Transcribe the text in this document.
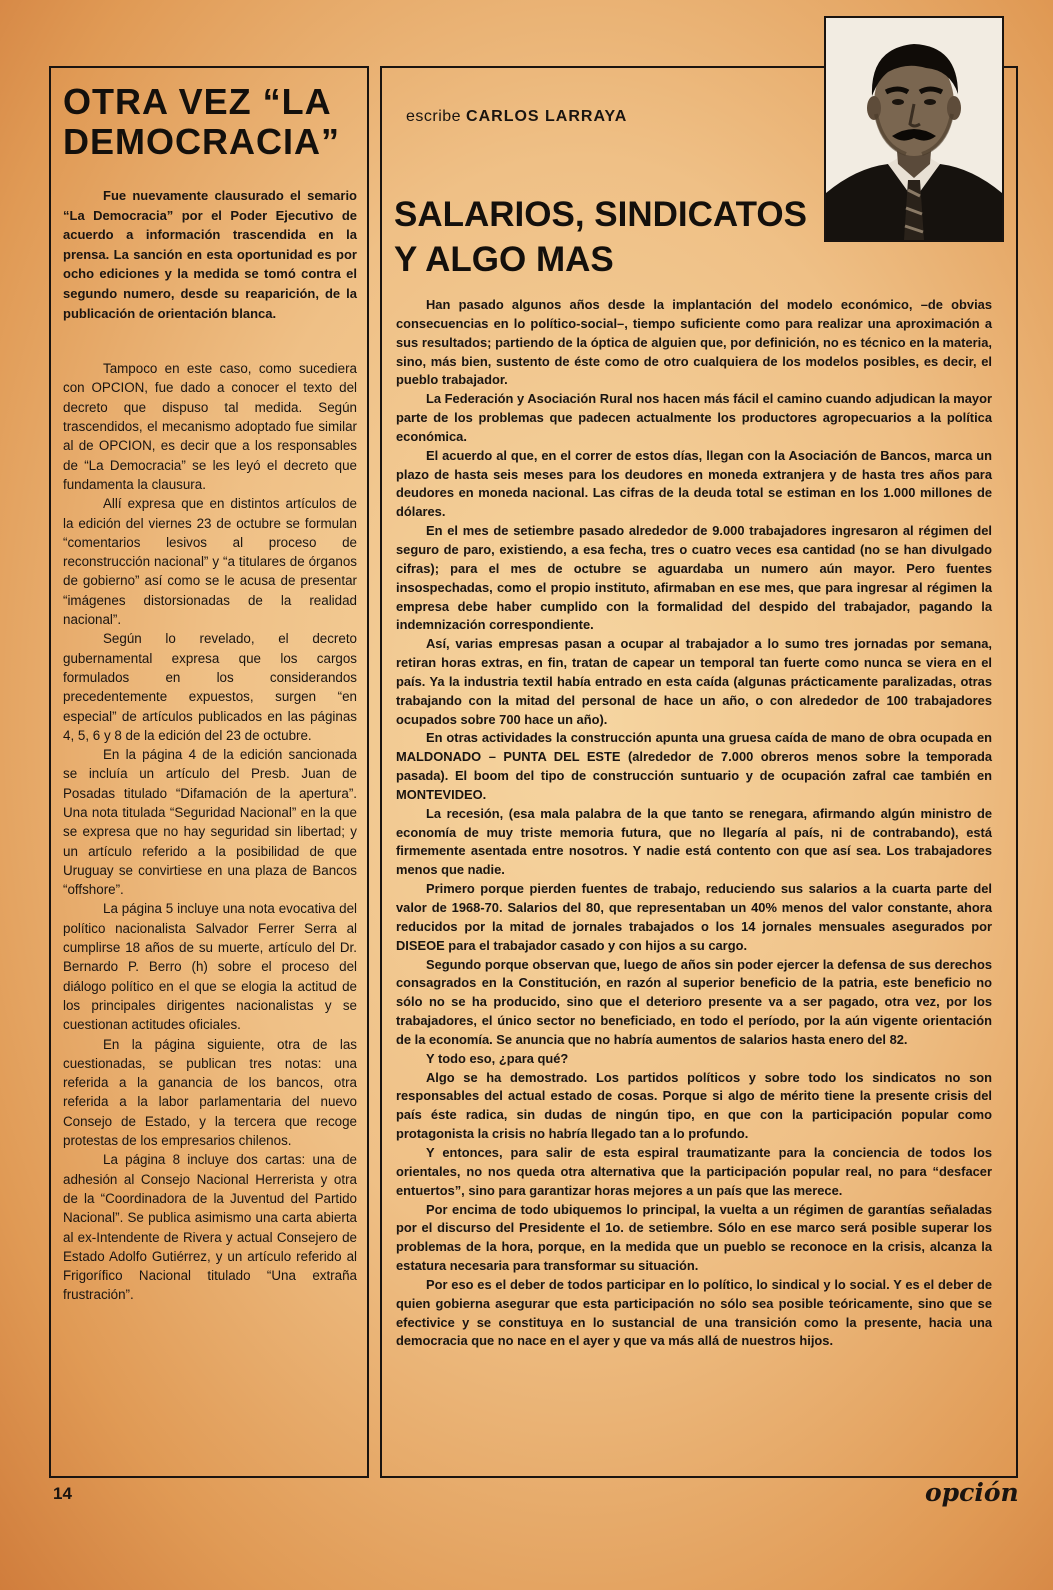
OTRA VEZ “LA
DEMOCRACIA”

Fue nuevamente clausurado el semario “La Democracia” por el Poder Ejecutivo de acuerdo a información trascendida en la prensa. La sanción en esta oportunidad es por ocho ediciones y la medida se tomó contra el segundo numero, desde su reaparición, de la publicación de orientación blanca.

Tampoco en este caso, como sucediera con OPCION, fue dado a conocer el texto del decreto que dispuso tal medida. Según trascendidos, el mecanismo adoptado fue similar al de OPCION, es decir que a los responsables de “La Democracia” se les leyó el decreto que fundamenta la clausura.

Allí expresa que en distintos artículos de la edición del viernes 23 de octubre se formulan “comentarios lesivos al proceso de reconstrucción nacional” y “a titulares de órganos de gobierno” así como se le acusa de presentar “imágenes distorsionadas de la realidad nacional”.

Según lo revelado, el decreto gubernamental expresa que los cargos formulados en los considerandos precedentemente expuestos, surgen “en especial” de artículos publicados en las páginas 4, 5, 6 y 8 de la edición del 23 de octubre.

En la página 4 de la edición sancionada se incluía un artículo del Presb. Juan de Posadas titulado “Difamación de la apertura”. Una nota titulada “Seguridad Nacional” en la que se expresa que no hay seguridad sin libertad; y un artículo referido a la posibilidad de que Uruguay se convirtiese en una plaza de Bancos “offshore”.

La página 5 incluye una nota evocativa del político nacionalista Salvador Ferrer Serra al cumplirse 18 años de su muerte, artículo del Dr. Bernardo P. Berro (h) sobre el proceso del diálogo político en el que se elogia la actitud de los principales dirigentes nacionalistas y se cuestionan actitudes oficiales.

En la página siguiente, otra de las cuestionadas, se publican tres notas: una referida a la ganancia de los bancos, otra referida a la labor parlamentaria del nuevo Consejo de Estado, y la tercera que recoge protestas de los empresarios chilenos.

La página 8 incluye dos cartas: una de adhesión al Consejo Nacional Herrerista y otra de la “Coordinadora de la Juventud del Partido Nacional”. Se publica asimismo una carta abierta al ex-Intendente de Rivera y actual Consejero de Estado Adolfo Gutiérrez, y un artículo referido al Frigorífico Nacional titulado “Una extraña frustración”.

escribe CARLOS LARRAYA
SALARIOS, SINDICATOS
Y ALGO MAS

Han pasado algunos años desde la implantación del modelo económico, –de obvias consecuencias en lo político-social–, tiempo suficiente como para realizar una aproximación a sus resultados; partiendo de la óptica de alguien que, por definición, no es técnico en la materia, sino, más bien, sustento de éste como de otro cualquiera de los modelos posibles, es decir, el pueblo trabajador.

La Federación y Asociación Rural nos hacen más fácil el camino cuando adjudican la mayor parte de los problemas que padecen actualmente los productores agropecuarios a la política económica.

El acuerdo al que, en el correr de estos días, llegan con la Asociación de Bancos, marca un plazo de hasta seis meses para los deudores en moneda extranjera y de hasta tres años para deudores en moneda nacional. Las cifras de la deuda total se estiman en los 1.000 millones de dólares.

En el mes de setiembre pasado alrededor de 9.000 trabajadores ingresaron al régimen del seguro de paro, existiendo, a esa fecha, tres o cuatro veces esa cantidad (no se han divulgado cifras); para el mes de octubre se aguardaba un numero aún mayor. Pero fuentes insospechadas, como el propio instituto, afirmaban en ese mes, que para ingresar al régimen la empresa debe haber cumplido con la formalidad del despido del trabajador, pagando la indemnización correspondiente.

Así, varias empresas pasan a ocupar al trabajador a lo sumo tres jornadas por semana, retiran horas extras, en fin, tratan de capear un temporal tan fuerte como nunca se viera en el país. Ya la industria textil había entrado en esta caída (algunas prácticamente paralizadas, otras trabajando con la mitad del personal de hace un año, o con alrededor de 100 trabajadores ocupados sobre 700 hace un año).

En otras actividades la construcción apunta una gruesa caída de mano de obra ocupada en MALDONADO – PUNTA DEL ESTE (alrededor de 7.000 obreros menos sobre la temporada pasada). El boom del tipo de construcción suntuario y de ocupación zafral cae también en MONTEVIDEO.

La recesión, (esa mala palabra de la que tanto se renegara, afirmando algún ministro de economía de muy triste memoria futura, que no llegaría al país, ni de contrabando), está firmemente asentada entre nosotros. Y nadie está contento con que así sea. Los trabajadores menos que nadie.

Primero porque pierden fuentes de trabajo, reduciendo sus salarios a la cuarta parte del valor de 1968-70. Salarios del 80, que representaban un 40% menos del valor constante, ahora reducidos por la mitad de jornales trabajados o los 14 jornales mensuales asegurados por DISEOE para el trabajador casado y con hijos a su cargo.

Segundo porque observan que, luego de años sin poder ejercer la defensa de sus derechos consagrados en la Constitución, en razón al superior beneficio de la patria, este beneficio no sólo no se ha producido, sino que el deterioro presente va a ser pagado, otra vez, por los trabajadores, el único sector no beneficiado, en todo el período, por la aún vigente orientación de la economía. Se anuncia que no habría aumentos de salarios hasta enero del 82.

Y todo eso, ¿para qué?

Algo se ha demostrado. Los partidos políticos y sobre todo los sindicatos no son responsables del actual estado de cosas. Porque si algo de mérito tiene la presente crisis del país éste radica, sin dudas de ningún tipo, en que con la participación popular como protagonista la crisis no habría llegado tan a lo profundo.

Y entonces, para salir de esta espiral traumatizante para la conciencia de todos los orientales, no nos queda otra alternativa que la participación popular real, no para “desfacer entuertos”, sino para garantizar horas mejores a un país que las merece.

Por encima de todo ubiquemos lo principal, la vuelta a un régimen de garantías señaladas por el discurso del Presidente el 1o. de setiembre. Sólo en ese marco será posible superar los problemas de la hora, porque, en la medida que un pueblo se reconoce en la crisis, alcanza la estatura necesaria para transformar su situación.

Por eso es el deber de todos participar en lo político, lo sindical y lo social. Y es el deber de quien gobierna asegurar que esta participación no sólo sea posible teóricamente, sino que se efectivice y se constituya en lo sustancial de una transición como la presente, hacia una democracia que no nace en el ayer y que va más allá de nuestros hijos.

14	opción
